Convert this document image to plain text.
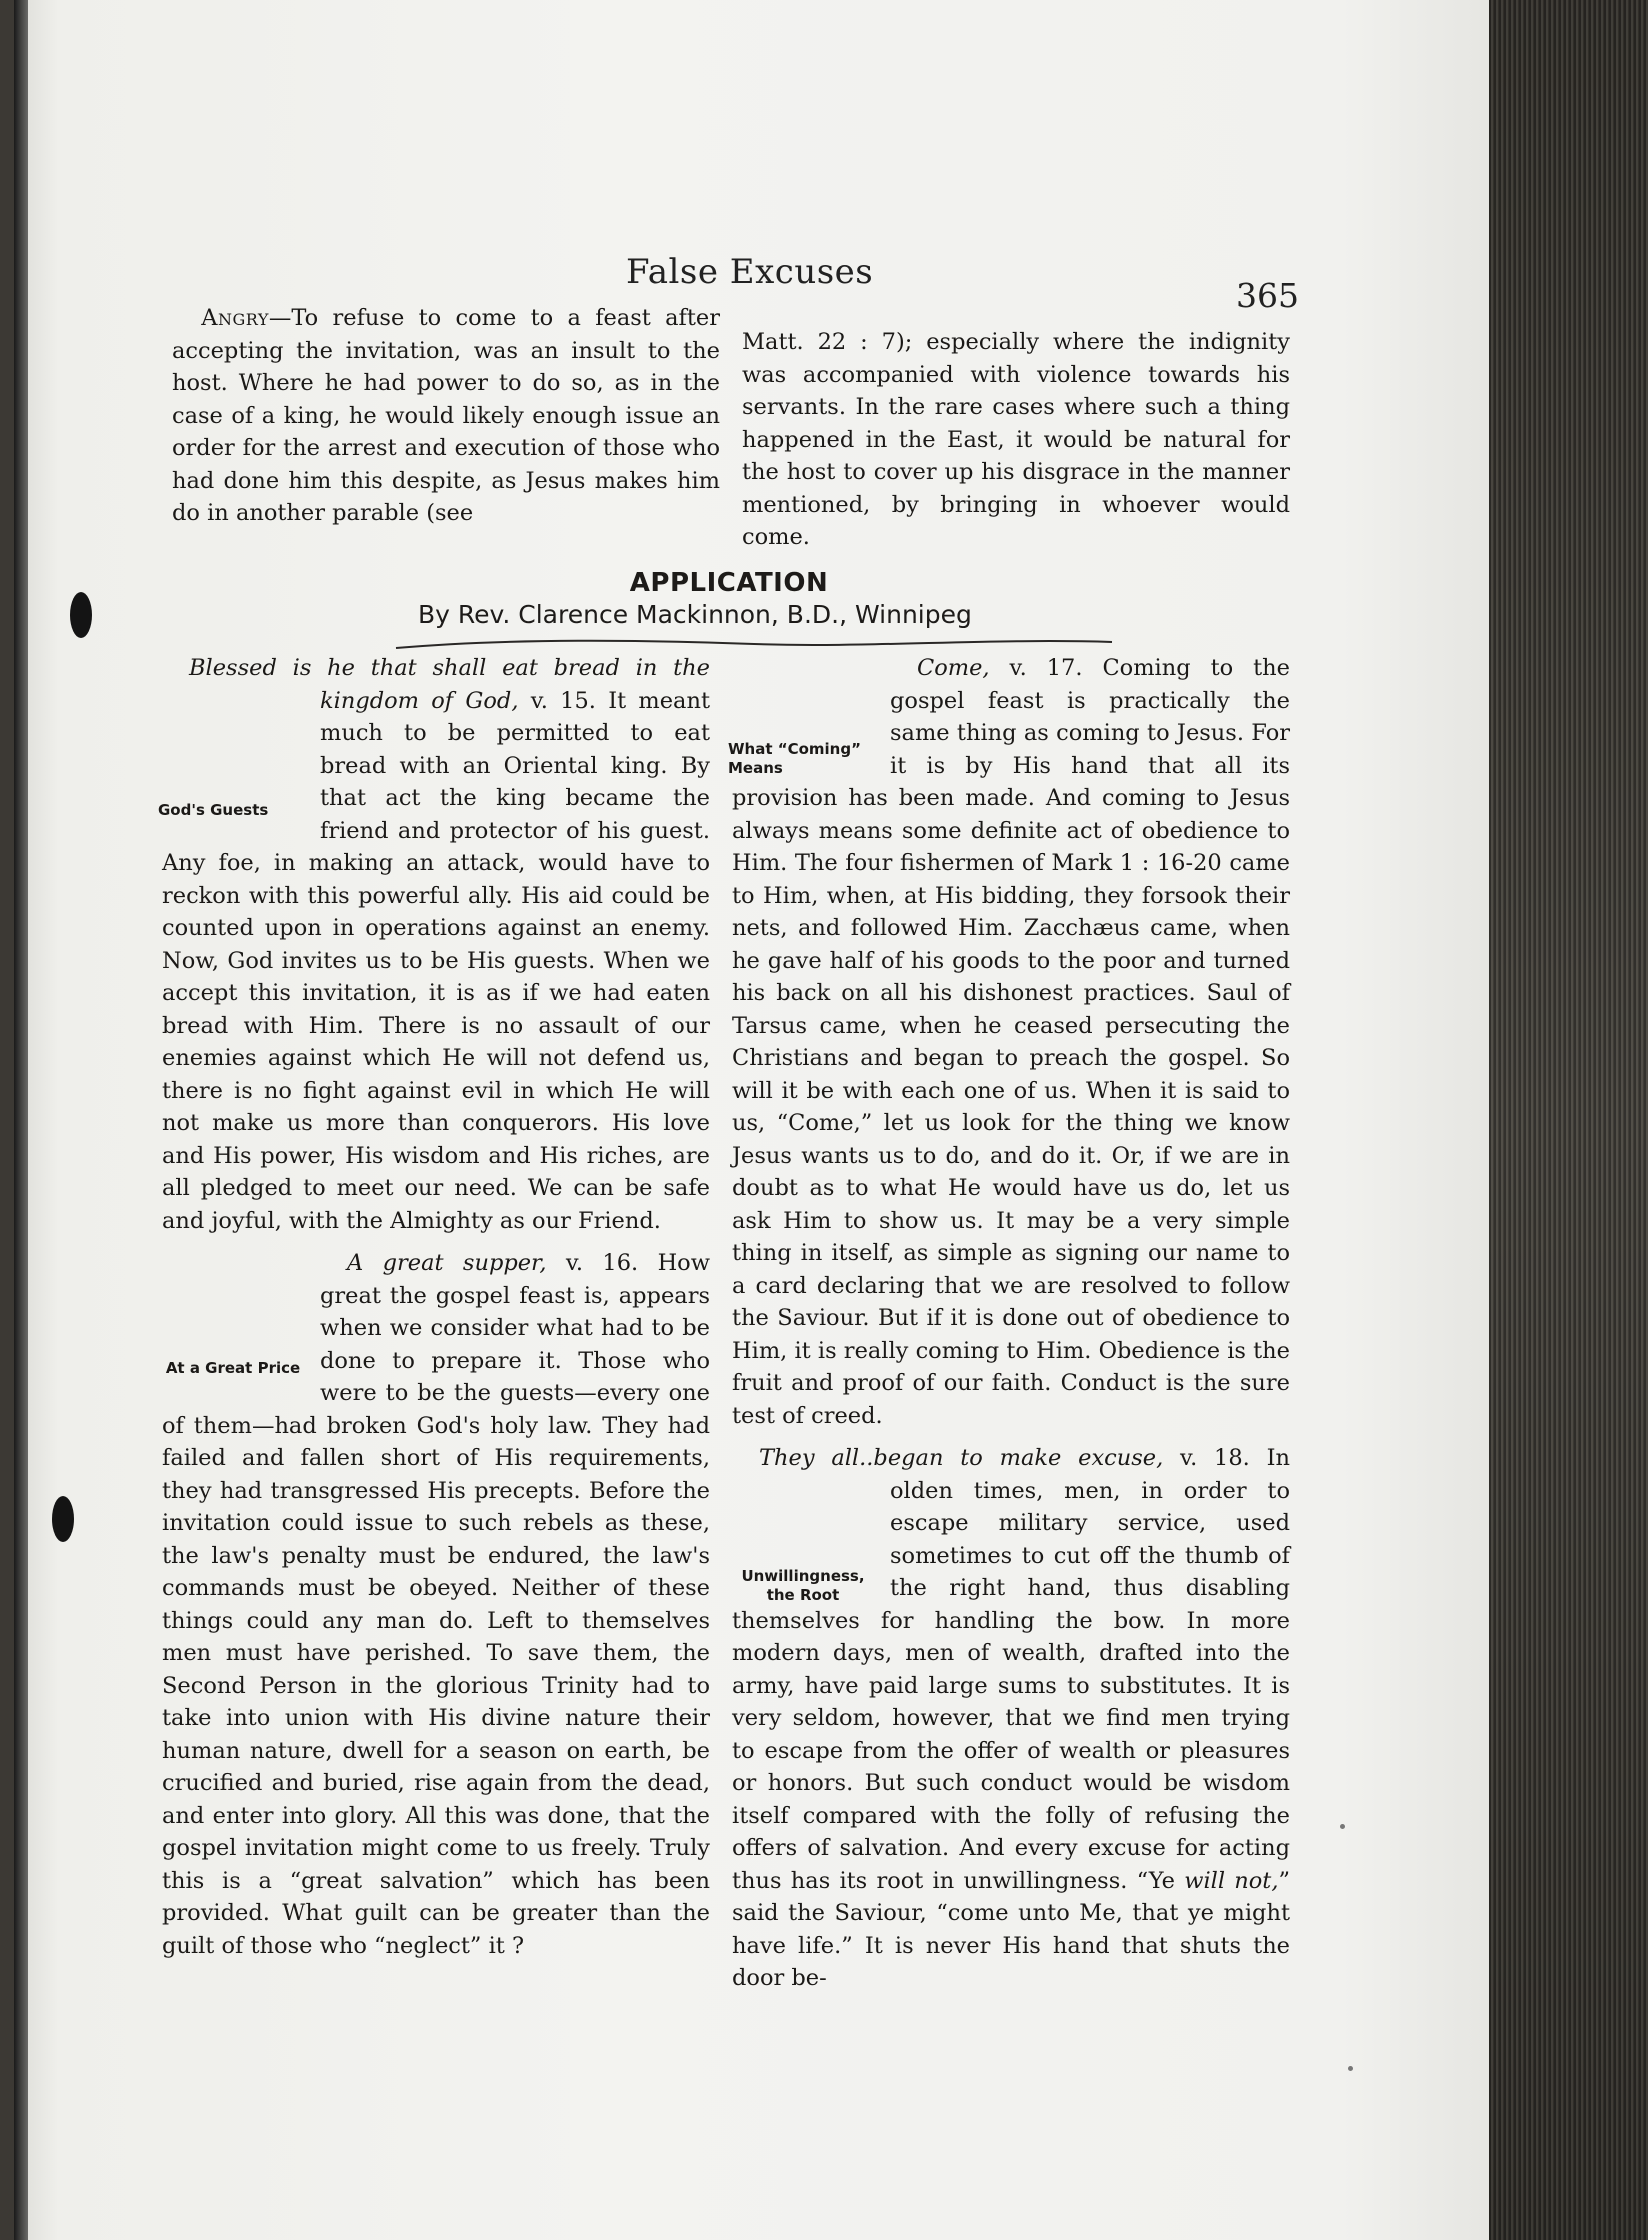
False Excuses
365

Angry—To refuse to come to a feast after accepting the invitation, was an insult to the host. Where he had power to do so, as in the case of a king, he would likely enough issue an order for the arrest and execution of those who had done him this despite, as Jesus makes him do in another parable (see

Matt. 22 : 7); especially where the indignity was accompanied with violence towards his servants. In the rare cases where such a thing happened in the East, it would be natural for the host to cover up his disgrace in the manner mentioned, by bringing in whoever would come.

APPLICATION
By Rev. Clarence Mackinnon, B.D., Winnipeg

Blessed is he that shall eat bread in the kingdom of God, v. 15.
God's Guests
It meant much to be permitted to eat bread with an Oriental king. By that act the king became the friend and protector of his guest. Any foe, in making an attack, would have to reckon with this powerful ally. His aid could be counted upon in operations against an enemy. Now, God invites us to be His guests. When we accept this invitation, it is as if we had eaten bread with Him. There is no assault of our enemies against which He will not defend us, there is no fight against evil in which He will not make us more than conquerors. His love and His power, His wisdom and His riches, are all pledged to meet our need. We can be safe and joyful, with the Almighty as our Friend.

A great supper, v. 16.
At a Great Price
How great the gospel feast is, appears when we consider what had to be done to prepare it. Those who were to be the guests—every one of them—had broken God's holy law. They had failed and fallen short of His requirements, they had transgressed His precepts. Before the invitation could issue to such rebels as these, the law's penalty must be endured, the law's commands must be obeyed. Neither of these things could any man do. Left to themselves men must have perished. To save them, the Second Person in the glorious Trinity had to take into union with His divine nature their human nature, dwell for a season on earth, be crucified and buried, rise again from the dead, and enter into glory. All this was done, that the gospel invitation might come to us freely. Truly this is a “great salvation” which has been provided. What guilt can be greater than the guilt of those who “neglect” it ?

Come, v. 17.
What “Coming” Means
Coming to the gospel feast is practically the same thing as coming to Jesus. For it is by His hand that all its provision has been made. And coming to Jesus always means some definite act of obedience to Him. The four fishermen of Mark 1 : 16-20 came to Him, when, at His bidding, they forsook their nets, and followed Him. Zacchæus came, when he gave half of his goods to the poor and turned his back on all his dishonest practices. Saul of Tarsus came, when he ceased persecuting the Christians and began to preach the gospel. So will it be with each one of us. When it is said to us, “Come,” let us look for the thing we know Jesus wants us to do, and do it. Or, if we are in doubt as to what He would have us do, let us ask Him to show us. It may be a very simple thing in itself, as simple as signing our name to a card declaring that we are resolved to follow the Saviour. But if it is done out of obedience to Him, it is really coming to Him. Obedience is the fruit and proof of our faith. Conduct is the sure test of creed.

They all..began to make excuse, v. 18.
Unwillingness, the Root
In olden times, men, in order to escape military service, used sometimes to cut off the thumb of the right hand, thus disabling themselves for handling the bow. In more modern days, men of wealth, drafted into the army, have paid large sums to substitutes. It is very seldom, however, that we find men trying to escape from the offer of wealth or pleasures or honors. But such conduct would be wisdom itself compared with the folly of refusing the offers of salvation. And every excuse for acting thus has its root in unwillingness. “Ye will not,” said the Saviour, “come unto Me, that ye might have life.” It is never His hand that shuts the door be-
